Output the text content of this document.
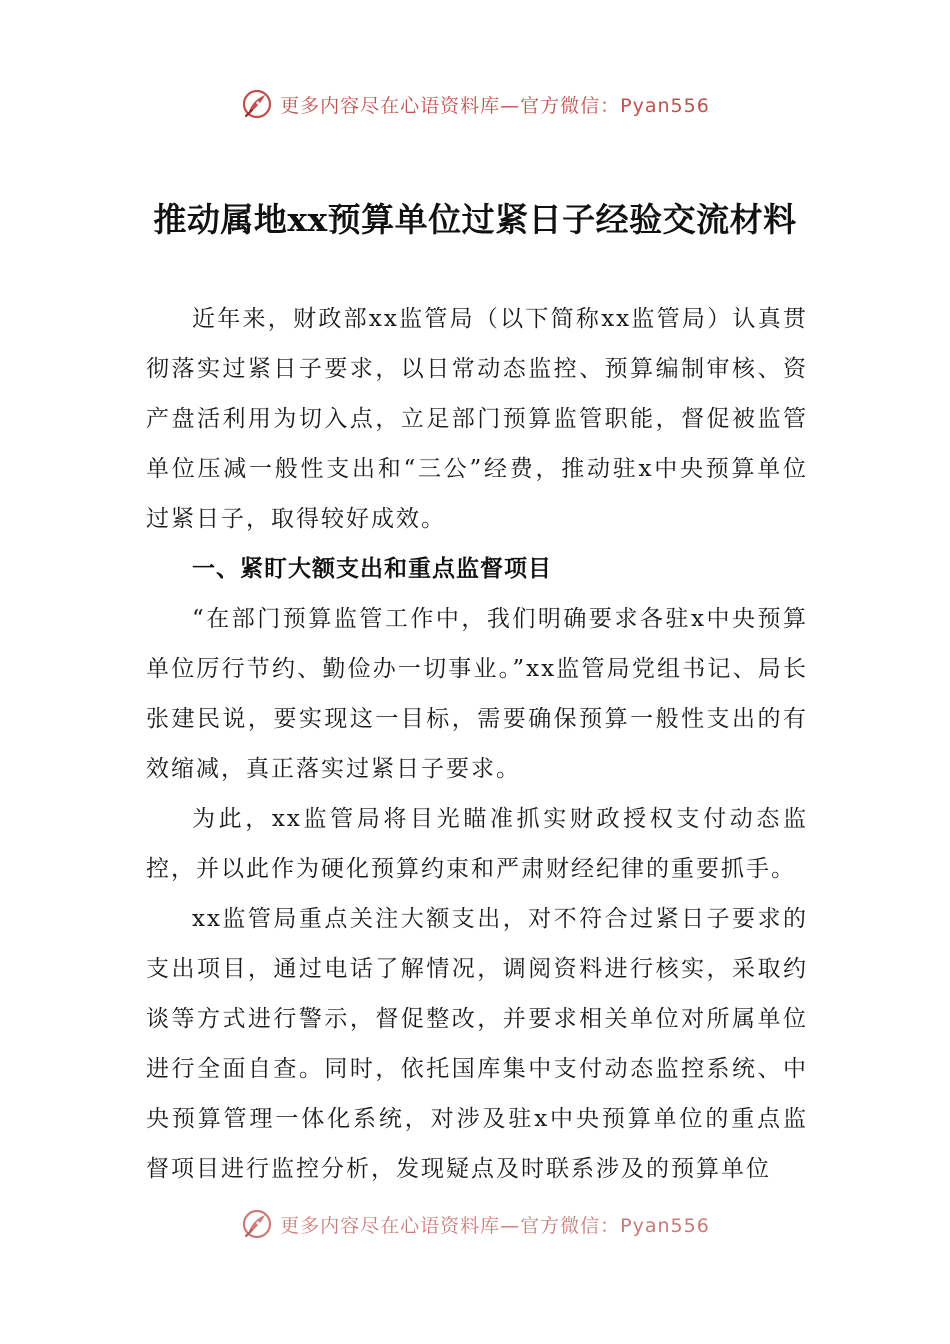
更多内容尽在心语资料库—官方微信：Pyan556
推动属地xx预算单位过紧日子经验交流材料

近年来，财政部xx监管局（以下简称xx监管局）认真贯彻落实过紧日子要求，以日常动态监控、预算编制审核、资产盘活利用为切入点，立足部门预算监管职能，督促被监管单位压减一般性支出和“三公”经费，推动驻x中央预算单位过紧日子，取得较好成效。

一、紧盯大额支出和重点监督项目

“在部门预算监管工作中，我们明确要求各驻x中央预算单位厉行节约、勤俭办一切事业。”xx监管局党组书记、局长张建民说，要实现这一目标，需要确保预算一般性支出的有效缩减，真正落实过紧日子要求。

为此，xx监管局将目光瞄准抓实财政授权支付动态监控，并以此作为硬化预算约束和严肃财经纪律的重要抓手。

xx监管局重点关注大额支出，对不符合过紧日子要求的支出项目，通过电话了解情况，调阅资料进行核实，采取约谈等方式进行警示，督促整改，并要求相关单位对所属单位进行全面自查。同时，依托国库集中支付动态监控系统、中央预算管理一体化系统，对涉及驻x中央预算单位的重点监督项目进行监控分析，发现疑点及时联系涉及的预算单位

更多内容尽在心语资料库—官方微信：Pyan556
